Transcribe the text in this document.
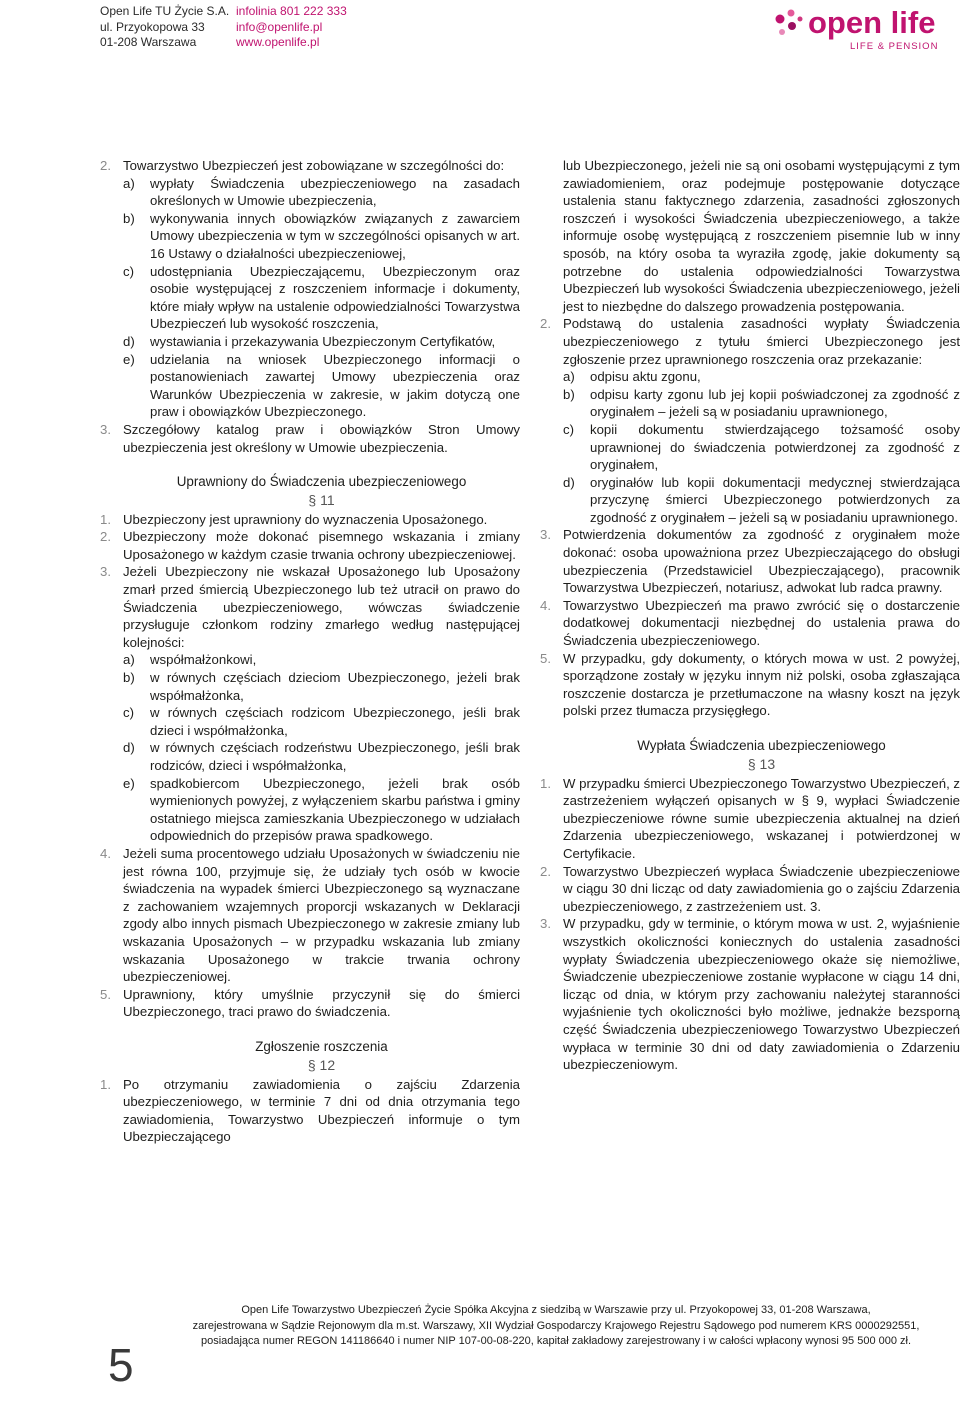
Open Life TU Życie S.A.
ul. Przyokopowa 33
01-208 Warszawa
infolinia 801 222 333
info@openlife.pl
www.openlife.pl
open life
LIFE & PENSION
2. Towarzystwo Ubezpieczeń jest zobowiązane w szczególności do:
a) wypłaty Świadczenia ubezpieczeniowego na zasadach określonych w Umowie ubezpieczenia,
b) wykonywania innych obowiązków związanych z zawarciem Umowy ubezpieczenia w tym w szczególności opisanych w art. 16 Ustawy o działalności ubezpieczeniowej,
c) udostępniania Ubezpieczającemu, Ubezpieczonym oraz osobie występującej z roszczeniem informacje i dokumenty, które miały wpływ na ustalenie odpowiedzialności Towarzystwa Ubezpieczeń lub wysokość roszczenia,
d) wystawiania i przekazywania Ubezpieczonym Certyfikatów,
e) udzielania na wniosek Ubezpieczonego informacji o postanowieniach zawartej Umowy ubezpieczenia oraz Warunków Ubezpieczenia w zakresie, w jakim dotyczą one praw i obowiązków Ubezpieczonego.
3. Szczegółowy katalog praw i obowiązków Stron Umowy ubezpieczenia jest określony w Umowie ubezpieczenia.
Uprawniony do Świadczenia ubezpieczeniowego
§ 11
1. Ubezpieczony jest uprawniony do wyznaczenia Uposażonego.
2. Ubezpieczony może dokonać pisemnego wskazania i zmiany Uposażonego w każdym czasie trwania ochrony ubezpieczeniowej.
3. Jeżeli Ubezpieczony nie wskazał Uposażonego lub Uposażony zmarł przed śmiercią Ubezpieczonego lub też utracił on prawo do Świadczenia ubezpieczeniowego, wówczas świadczenie przysługuje członkom rodziny zmarłego według następującej kolejności:
a) współmałżonkowi,
b) w równych częściach dzieciom Ubezpieczonego, jeżeli brak współmałżonka,
c) w równych częściach rodzicom Ubezpieczonego, jeśli brak dzieci i współmałżonka,
d) w równych częściach rodzeństwu Ubezpieczonego, jeśli brak rodziców, dzieci i współmałżonka,
e) spadkobiercom Ubezpieczonego, jeżeli brak osób wymienionych powyżej, z wyłączeniem skarbu państwa i gminy ostatniego miejsca zamieszkania Ubezpieczonego w udziałach odpowiednich do przepisów prawa spadkowego.
4. Jeżeli suma procentowego udziału Uposażonych w świadczeniu nie jest równa 100, przyjmuje się, że udziały tych osób w kwocie świadczenia na wypadek śmierci Ubezpieczonego są wyznaczane z zachowaniem wzajemnych proporcji wskazanych w Deklaracji zgody albo innych pismach Ubezpieczonego w zakresie zmiany lub wskazania Uposażonych – w przypadku wskazania lub zmiany wskazania Uposażonego w trakcie trwania ochrony ubezpieczeniowej.
5. Uprawniony, który umyślnie przyczynił się do śmierci Ubezpieczonego, traci prawo do świadczenia.
Zgłoszenie roszczenia
§ 12
1. Po otrzymaniu zawiadomienia o zajściu Zdarzenia ubezpieczeniowego, w terminie 7 dni od dnia otrzymania tego zawiadomienia, Towarzystwo Ubezpieczeń informuje o tym Ubezpieczającego

lub Ubezpieczonego, jeżeli nie są oni osobami występującymi z tym zawiadomieniem, oraz podejmuje postępowanie dotyczące ustalenia stanu faktycznego zdarzenia, zasadności zgłoszonych roszczeń i wysokości Świadczenia ubezpieczeniowego, a także informuje osobę występującą z roszczeniem pisemnie lub w inny sposób, na który osoba ta wyraziła zgodę, jakie dokumenty są potrzebne do ustalenia odpowiedzialności Towarzystwa Ubezpieczeń lub wysokości Świadczenia ubezpieczeniowego, jeżeli jest to niezbędne do dalszego prowadzenia postępowania.

2. Podstawą do ustalenia zasadności wypłaty Świadczenia ubezpieczeniowego z tytułu śmierci Ubezpieczonego jest zgłoszenie przez uprawnionego roszczenia oraz przekazanie:
a) odpisu aktu zgonu,
b) odpisu karty zgonu lub jej kopii poświadczonej za zgodność z oryginałem – jeżeli są w posiadaniu uprawnionego,
c) kopii dokumentu stwierdzającego tożsamość osoby uprawnionej do świadczenia potwierdzonej za zgodność z oryginałem,
d) oryginałów lub kopii dokumentacji medycznej stwierdzająca przyczynę śmierci Ubezpieczonego potwierdzonych za zgodność z oryginałem – jeżeli są w posiadaniu uprawnionego.
3. Potwierdzenia dokumentów za zgodność z oryginałem może dokonać: osoba upoważniona przez Ubezpieczającego do obsługi ubezpieczenia (Przedstawiciel Ubezpieczającego), pracownik Towarzystwa Ubezpieczeń, notariusz, adwokat lub radca prawny.
4. Towarzystwo Ubezpieczeń ma prawo zwrócić się o dostarczenie dodatkowej dokumentacji niezbędnej do ustalenia prawa do Świadczenia ubezpieczeniowego.
5. W przypadku, gdy dokumenty, o których mowa w ust. 2 powyżej, sporządzone zostały w języku innym niż polski, osoba zgłaszająca roszczenie dostarcza je przetłumaczone na własny koszt na język polski przez tłumacza przysięgłego.
Wypłata Świadczenia ubezpieczeniowego
§ 13
1. W przypadku śmierci Ubezpieczonego Towarzystwo Ubezpieczeń, z zastrzeżeniem wyłączeń opisanych w § 9, wypłaci Świadczenie ubezpieczeniowe równe sumie ubezpieczenia aktualnej na dzień Zdarzenia ubezpieczeniowego, wskazanej i potwierdzonej w Certyfikacie.
2. Towarzystwo Ubezpieczeń wypłaca Świadczenie ubezpieczeniowe w ciągu 30 dni licząc od daty zawiadomienia go o zajściu Zdarzenia ubezpieczeniowego, z zastrzeżeniem ust. 3.
3. W przypadku, gdy w terminie, o którym mowa w ust. 2, wyjaśnienie wszystkich okoliczności koniecznych do ustalenia zasadności wypłaty Świadczenia ubezpieczeniowego okaże się niemożliwe, Świadczenie ubezpieczeniowe zostanie wypłacone w ciągu 14 dni, licząc od dnia, w którym przy zachowaniu należytej staranności wyjaśnienie tych okoliczności było możliwe, jednakże bezsporną część Świadczenia ubezpieczeniowego Towarzystwo Ubezpieczeń wypłaca w terminie 30 dni od daty zawiadomienia o Zdarzeniu ubezpieczeniowym.
Open Life Towarzystwo Ubezpieczeń Życie Spółka Akcyjna z siedzibą w Warszawie przy ul. Przyokopowej 33, 01-208 Warszawa,
zarejestrowana w Sądzie Rejonowym dla m.st. Warszawy, XII Wydział Gospodarczy Krajowego Rejestru Sądowego pod numerem KRS 0000292551,
posiadająca numer REGON 141186640 i numer NIP 107-00-08-220, kapitał zakładowy zarejestrowany i w całości wpłacony wynosi 95 500 000 zł.
5
